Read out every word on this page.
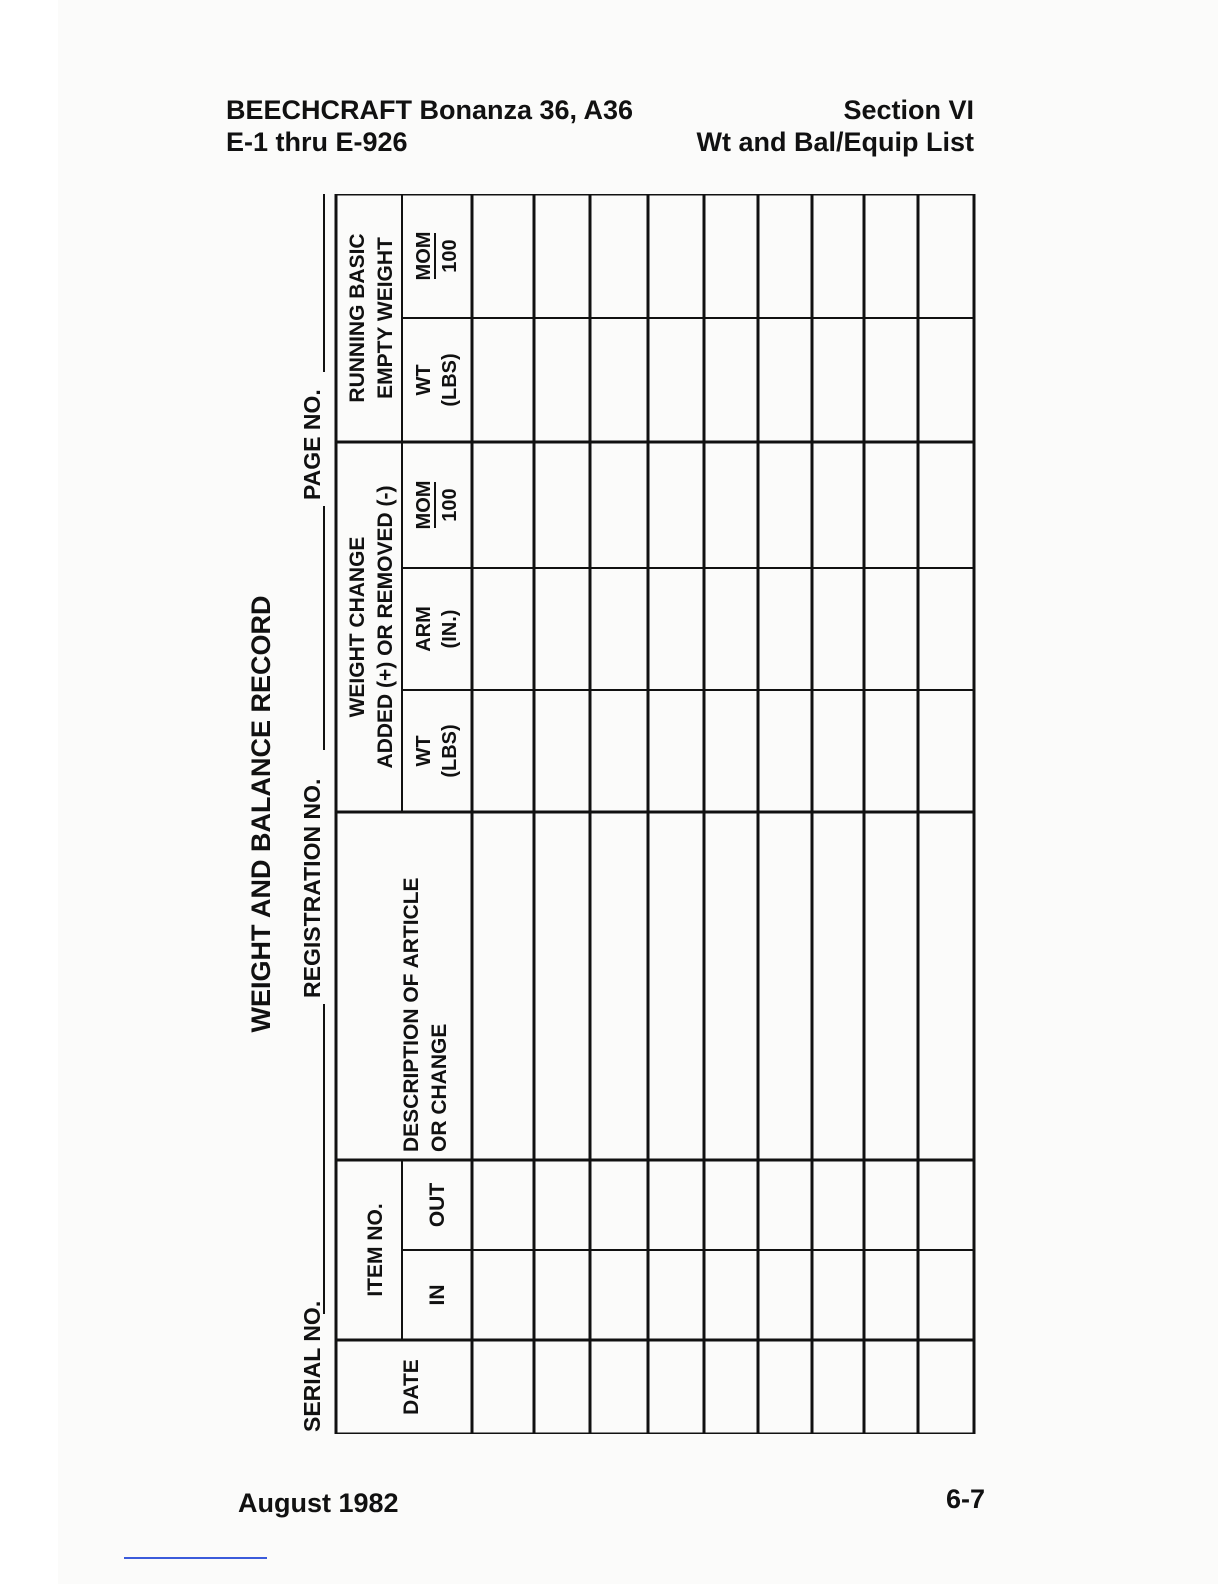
BEECHCRAFT Bonanza 36, A36
E-1 thru E-926
Section VI
Wt and Bal/Equip List
WEIGHT AND BALANCE RECORD
SERIAL NO.
REGISTRATION NO.
PAGE NO.
DATE
ITEM NO. IN
OUT
DESCRIPTION OF ARTICLE OR CHANGE
WEIGHT CHANGE ADDED (+) OR REMOVED (-)
RUNNING BASIC EMPTY WEIGHT
WT (LBS)
ARM (IN.)
MOM 100
WT (LBS)
MOM 100
August 1982	6-7
